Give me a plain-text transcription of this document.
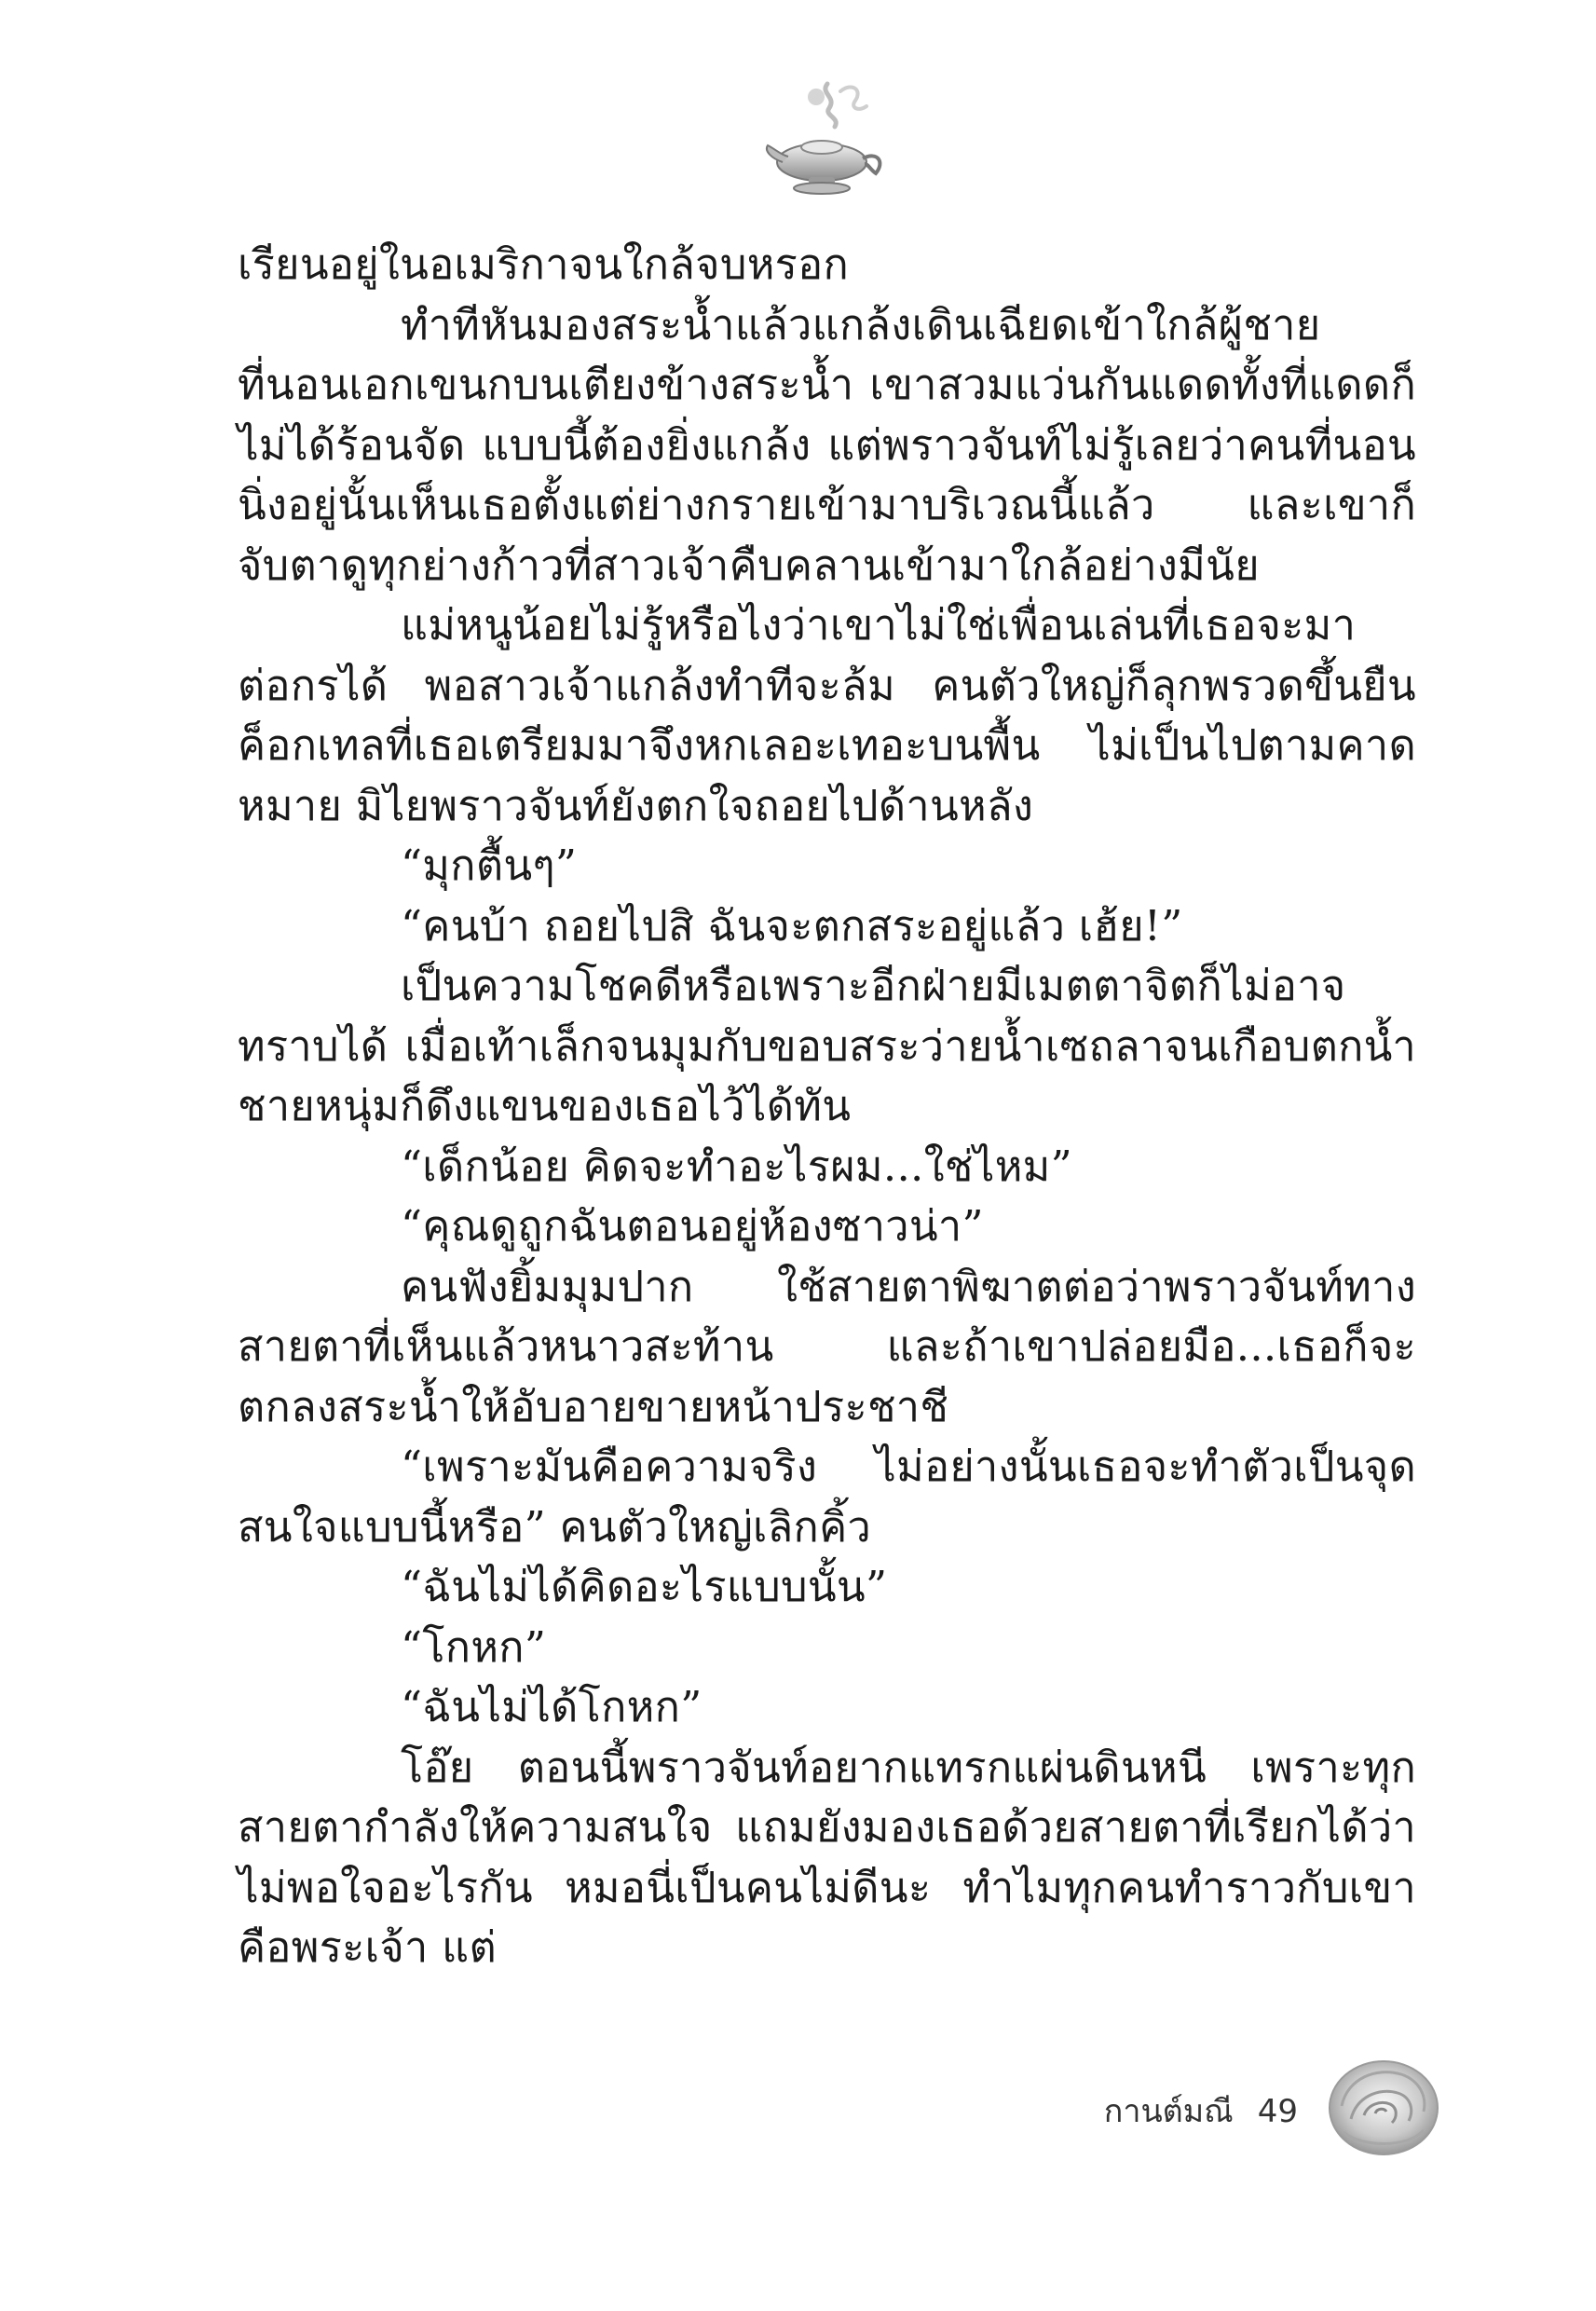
เรียนอยู่ในอเมริกาจนใกล้จบหรอก

ทำทีหันมองสระน้ำแล้วแกล้งเดินเฉียดเข้าใกล้ผู้ชายที่นอนเอกเขนกบนเตียงข้างสระน้ำ เขาสวมแว่นกันแดดทั้งที่แดดก็ไม่ได้ร้อนจัด แบบนี้ต้องยิ่งแกล้ง แต่พราวจันท์ไม่รู้เลยว่าคนที่นอนนิ่งอยู่นั้นเห็นเธอตั้งแต่ย่างกรายเข้ามาบริเวณนี้แล้ว และเขาก็จับตาดูทุกย่างก้าวที่สาวเจ้าคืบคลานเข้ามาใกล้อย่างมีนัย

แม่หนูน้อยไม่รู้หรือไงว่าเขาไม่ใช่เพื่อนเล่นที่เธอจะมาต่อกรได้ พอสาวเจ้าแกล้งทำทีจะล้ม คนตัวใหญ่ก็ลุกพรวดขึ้นยืน ค็อกเทลที่เธอเตรียมมาจึงหกเลอะเทอะบนพื้น ไม่เป็นไปตามคาดหมาย มิไยพราวจันท์ยังตกใจถอยไปด้านหลัง

“มุกตื้นๆ”

“คนบ้า ถอยไปสิ ฉันจะตกสระอยู่แล้ว เฮ้ย!”

เป็นความโชคดีหรือเพราะอีกฝ่ายมีเมตตาจิตก็ไม่อาจทราบได้ เมื่อเท้าเล็กจนมุมกับขอบสระว่ายน้ำเซถลาจนเกือบตกน้ำ ชายหนุ่มก็ดึงแขนของเธอไว้ได้ทัน

“เด็กน้อย คิดจะทำอะไรผม...ใช่ไหม”

“คุณดูถูกฉันตอนอยู่ห้องซาวน่า”

คนฟังยิ้มมุมปาก ใช้สายตาพิฆาตต่อว่าพราวจันท์ทางสายตาที่เห็นแล้วหนาวสะท้าน และถ้าเขาปล่อยมือ...เธอก็จะตกลงสระน้ำให้อับอายขายหน้าประชาชี

“เพราะมันคือความจริง ไม่อย่างนั้นเธอจะทำตัวเป็นจุดสนใจแบบนี้หรือ” คนตัวใหญ่เลิกคิ้ว

“ฉันไม่ได้คิดอะไรแบบนั้น”

“โกหก”

“ฉันไม่ได้โกหก”

โอ๊ย ตอนนี้พราวจันท์อยากแทรกแผ่นดินหนี เพราะทุกสายตากำลังให้ความสนใจ แถมยังมองเธอด้วยสายตาที่เรียกได้ว่าไม่พอใจอะไรกัน หมอนี่เป็นคนไม่ดีนะ ทำไมทุกคนทำราวกับเขาคือพระเจ้า แต่

กานต์มณี 49
